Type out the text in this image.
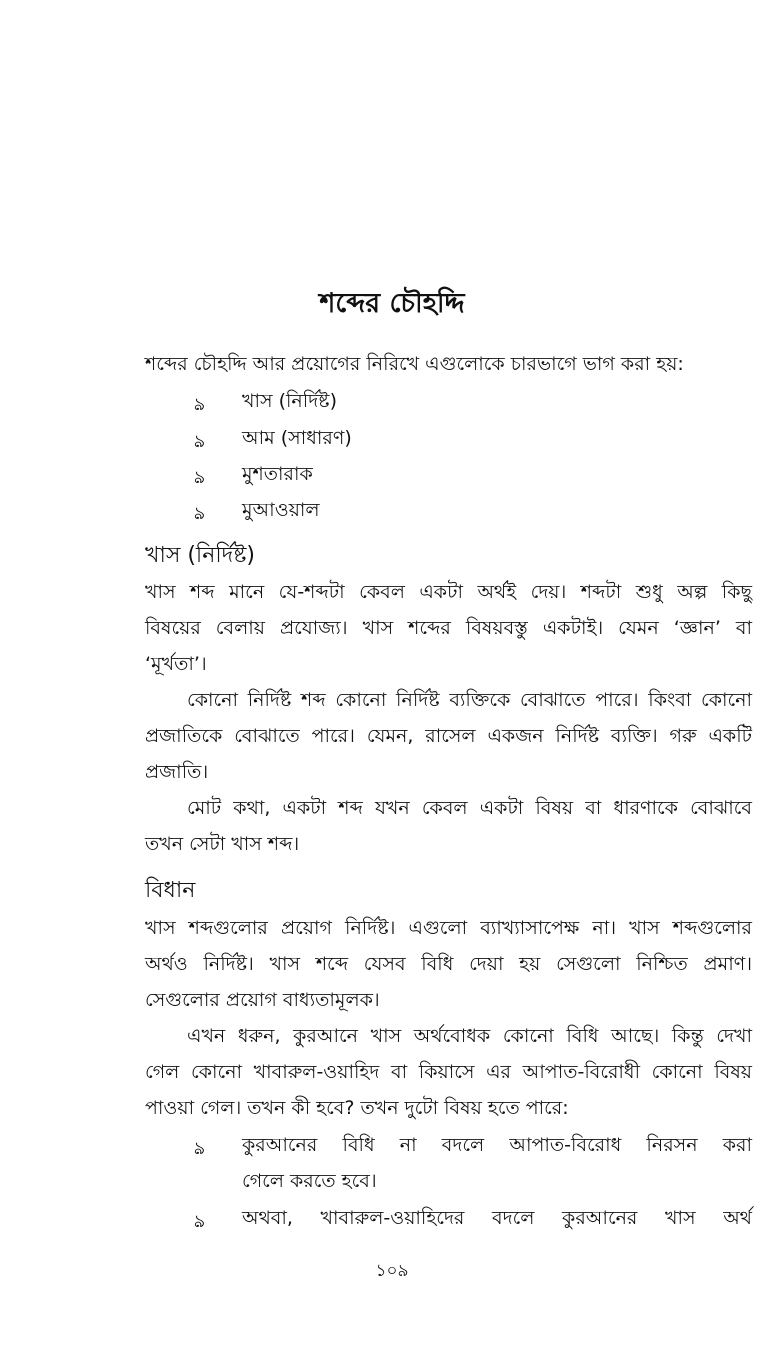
শব্দের চৌহদ্দি
শব্দের চৌহদ্দি আর প্রয়োগের নিরিখে এগুলোকে চারভাগে ভাগ করা হয়:
ঌ খাস (নির্দিষ্ট)
ঌ আম (সাধারণ)
ঌ মুশতারাক
ঌ মুআওয়াল
খাস (নির্দিষ্ট)
খাস শব্দ মানে যে-শব্দটা কেবল একটা অর্থই দেয়। শব্দটা শুধু অল্প কিছু
বিষয়ের বেলায় প্রযোজ্য। খাস শব্দের বিষয়বস্তু একটাই। যেমন ‘জ্ঞান’ বা
‘মূর্খতা’।
কোনো নির্দিষ্ট শব্দ কোনো নির্দিষ্ট ব্যক্তিকে বোঝাতে পারে। কিংবা কোনো
প্রজাতিকে বোঝাতে পারে। যেমন, রাসেল একজন নির্দিষ্ট ব্যক্তি। গরু একটি
প্রজাতি।
মোট কথা, একটা শব্দ যখন কেবল একটা বিষয় বা ধারণাকে বোঝাবে
তখন সেটা খাস শব্দ।
বিধান
খাস শব্দগুলোর প্রয়োগ নির্দিষ্ট। এগুলো ব্যাখ্যাসাপেক্ষ না। খাস শব্দগুলোর
অর্থও নির্দিষ্ট। খাস শব্দে যেসব বিধি দেয়া হয় সেগুলো নিশ্চিত প্রমাণ।
সেগুলোর প্রয়োগ বাধ্যতামূলক।
এখন ধরুন, কুরআনে খাস অর্থবোধক কোনো বিধি আছে। কিন্তু দেখা
গেল কোনো খাবারুল-ওয়াহিদ বা কিয়াসে এর আপাত-বিরোধী কোনো বিষয়
পাওয়া গেল। তখন কী হবে? তখন দুটো বিষয় হতে পারে:
ঌ কুরআনের বিধি না বদলে আপাত-বিরোধ নিরসন করা
গেলে করতে হবে।
ঌ অথবা, খাবারুল-ওয়াহিদের বদলে কুরআনের খাস অর্থ
১০৯
